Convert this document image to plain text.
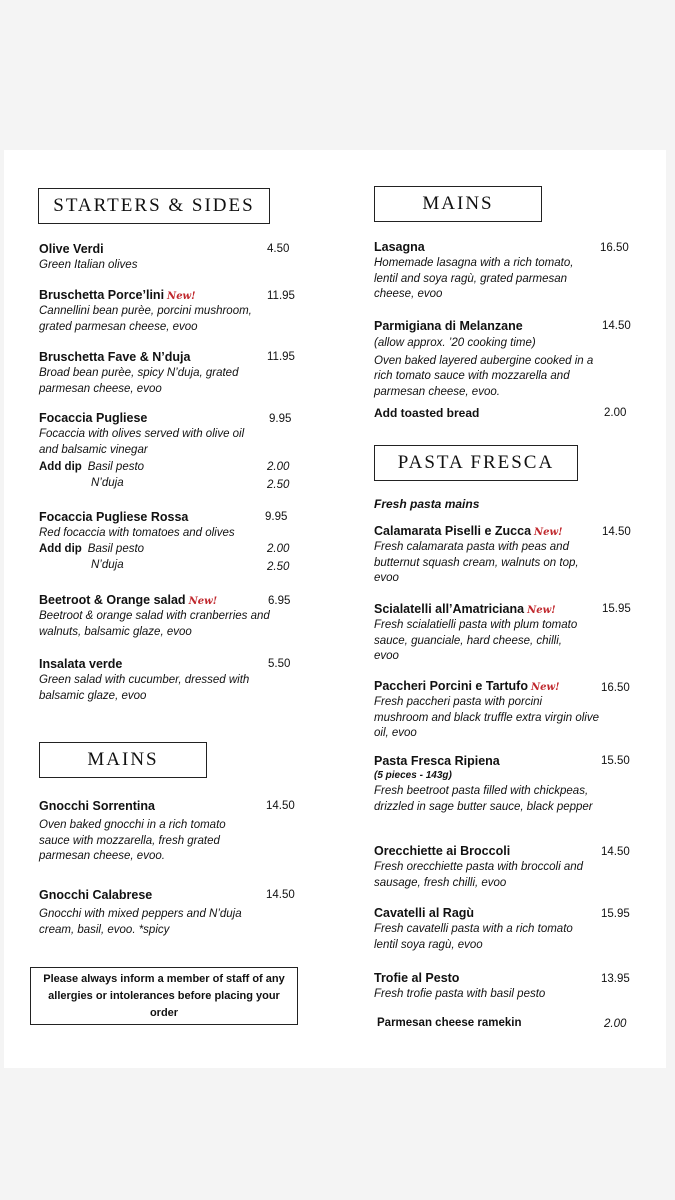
STARTERS & SIDES
Olive Verdi
Green Italian olives
4.50
Bruschetta Porce’lini New!
Cannellini bean purèe, porcini mushroom, grated parmesan cheese, evoo
11.95
Bruschetta Fave & N’duja
Broad bean purèe, spicy N’duja, grated parmesan cheese, evoo
11.95
Focaccia Pugliese
Focaccia with olives served with olive oil and balsamic vinegar
9.95
Add dip Basil pesto	2.00
N’duja	2.50
Focaccia Pugliese Rossa
Red focaccia with tomatoes and olives
9.95
Add dip Basil pesto	2.00
N’duja	2.50
Beetroot & Orange salad New!
Beetroot & orange salad with cranberries and walnuts, balsamic glaze, evoo
6.95
Insalata verde
Green salad with cucumber, dressed with balsamic glaze, evoo
5.50
MAINS
Gnocchi Sorrentina
Oven baked gnocchi in a rich tomato sauce with mozzarella, fresh grated parmesan cheese, evoo.
14.50
Gnocchi Calabrese
Gnocchi with mixed peppers and N’duja cream, basil, evoo. *spicy
14.50
Please always inform a member of staff of any allergies or intolerances before placing your order
MAINS
Lasagna
Homemade lasagna with a rich tomato, lentil and soya ragù, grated parmesan cheese, evoo
16.50
Parmigiana di Melanzane
(allow approx. ’20 cooking time)
Oven baked layered aubergine cooked in a rich tomato sauce with mozzarella and parmesan cheese, evoo.
14.50
Add toasted bread	2.00
PASTA FRESCA
Fresh pasta mains
Calamarata Piselli e Zucca New!
Fresh calamarata pasta with peas and butternut squash cream, walnuts on top, evoo
14.50
Scialatelli all’Amatriciana New!
Fresh scialatielli pasta with plum tomato sauce, guanciale, hard cheese, chilli, evoo
15.95
Paccheri Porcini e Tartufo New!
Fresh paccheri pasta with porcini mushroom and black truffle extra virgin olive oil, evoo
16.50
Pasta Fresca Ripiena
(5 pieces - 143g)
Fresh beetroot pasta filled with chickpeas, drizzled in sage butter sauce, black pepper
15.50
Orecchiette ai Broccoli
Fresh orecchiette pasta with broccoli and sausage, fresh chilli, evoo
14.50
Cavatelli al Ragù
Fresh cavatelli pasta with a rich tomato lentil soya ragù, evoo
15.95
Trofie al Pesto
Fresh trofie pasta with basil pesto
13.95
Parmesan cheese ramekin	2.00
